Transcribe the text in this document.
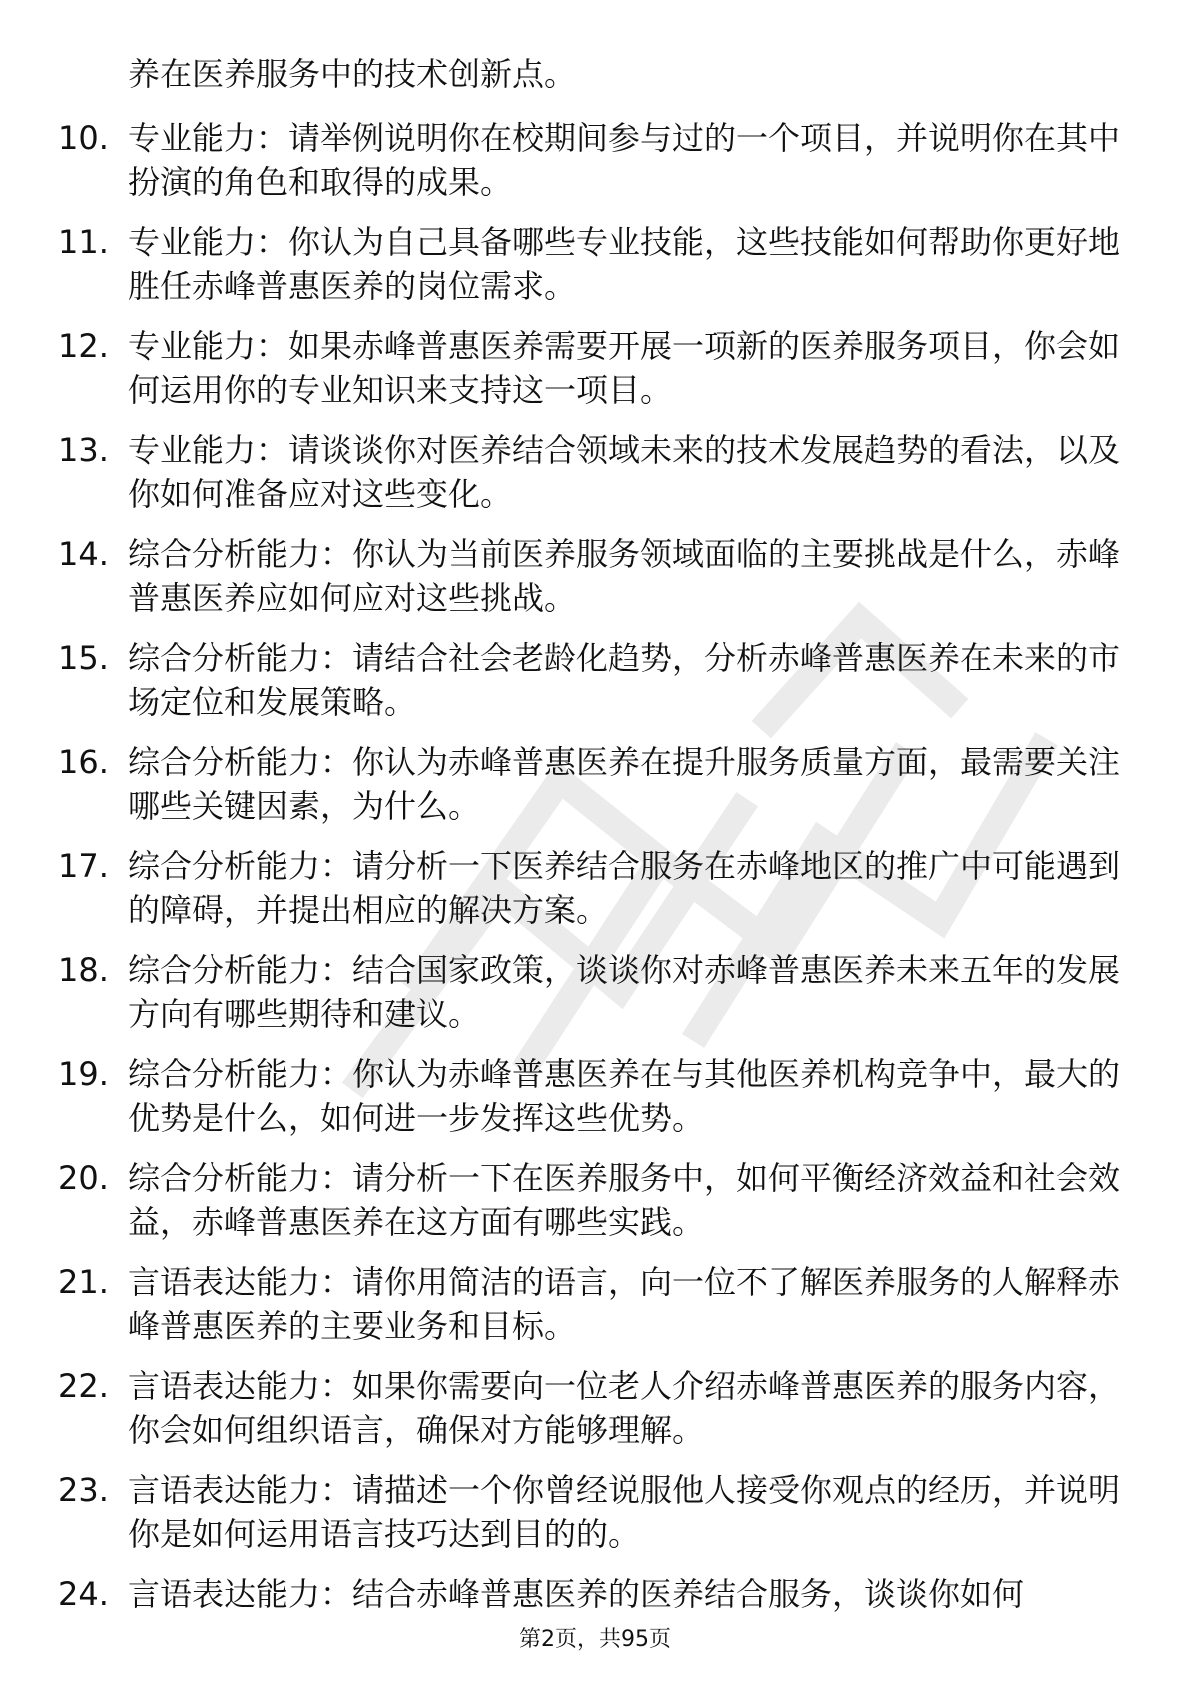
养在医养服务中的技术创新点。
10. 专业能力：请举例说明你在校期间参与过的一个项目，并说明你在其中扮演的角色和取得的成果。
11. 专业能力：你认为自己具备哪些专业技能，这些技能如何帮助你更好地胜任赤峰普惠医养的岗位需求。
12. 专业能力：如果赤峰普惠医养需要开展一项新的医养服务项目，你会如何运用你的专业知识来支持这一项目。
13. 专业能力：请谈谈你对医养结合领域未来的技术发展趋势的看法，以及你如何准备应对这些变化。
14. 综合分析能力：你认为当前医养服务领域面临的主要挑战是什么，赤峰普惠医养应如何应对这些挑战。
15. 综合分析能力：请结合社会老龄化趋势，分析赤峰普惠医养在未来的市场定位和发展策略。
16. 综合分析能力：你认为赤峰普惠医养在提升服务质量方面，最需要关注哪些关键因素，为什么。
17. 综合分析能力：请分析一下医养结合服务在赤峰地区的推广中可能遇到的障碍，并提出相应的解决方案。
18. 综合分析能力：结合国家政策，谈谈你对赤峰普惠医养未来五年的发展方向有哪些期待和建议。
19. 综合分析能力：你认为赤峰普惠医养在与其他医养机构竞争中，最大的优势是什么，如何进一步发挥这些优势。
20. 综合分析能力：请分析一下在医养服务中，如何平衡经济效益和社会效益，赤峰普惠医养在这方面有哪些实践。
21. 言语表达能力：请你用简洁的语言，向一位不了解医养服务的人解释赤峰普惠医养的主要业务和目标。
22. 言语表达能力：如果你需要向一位老人介绍赤峰普惠医养的服务内容，你会如何组织语言，确保对方能够理解。
23. 言语表达能力：请描述一个你曾经说服他人接受你观点的经历，并说明你是如何运用语言技巧达到目的的。
24. 言语表达能力：结合赤峰普惠医养的医养结合服务，谈谈你如何
第2页，共95页
